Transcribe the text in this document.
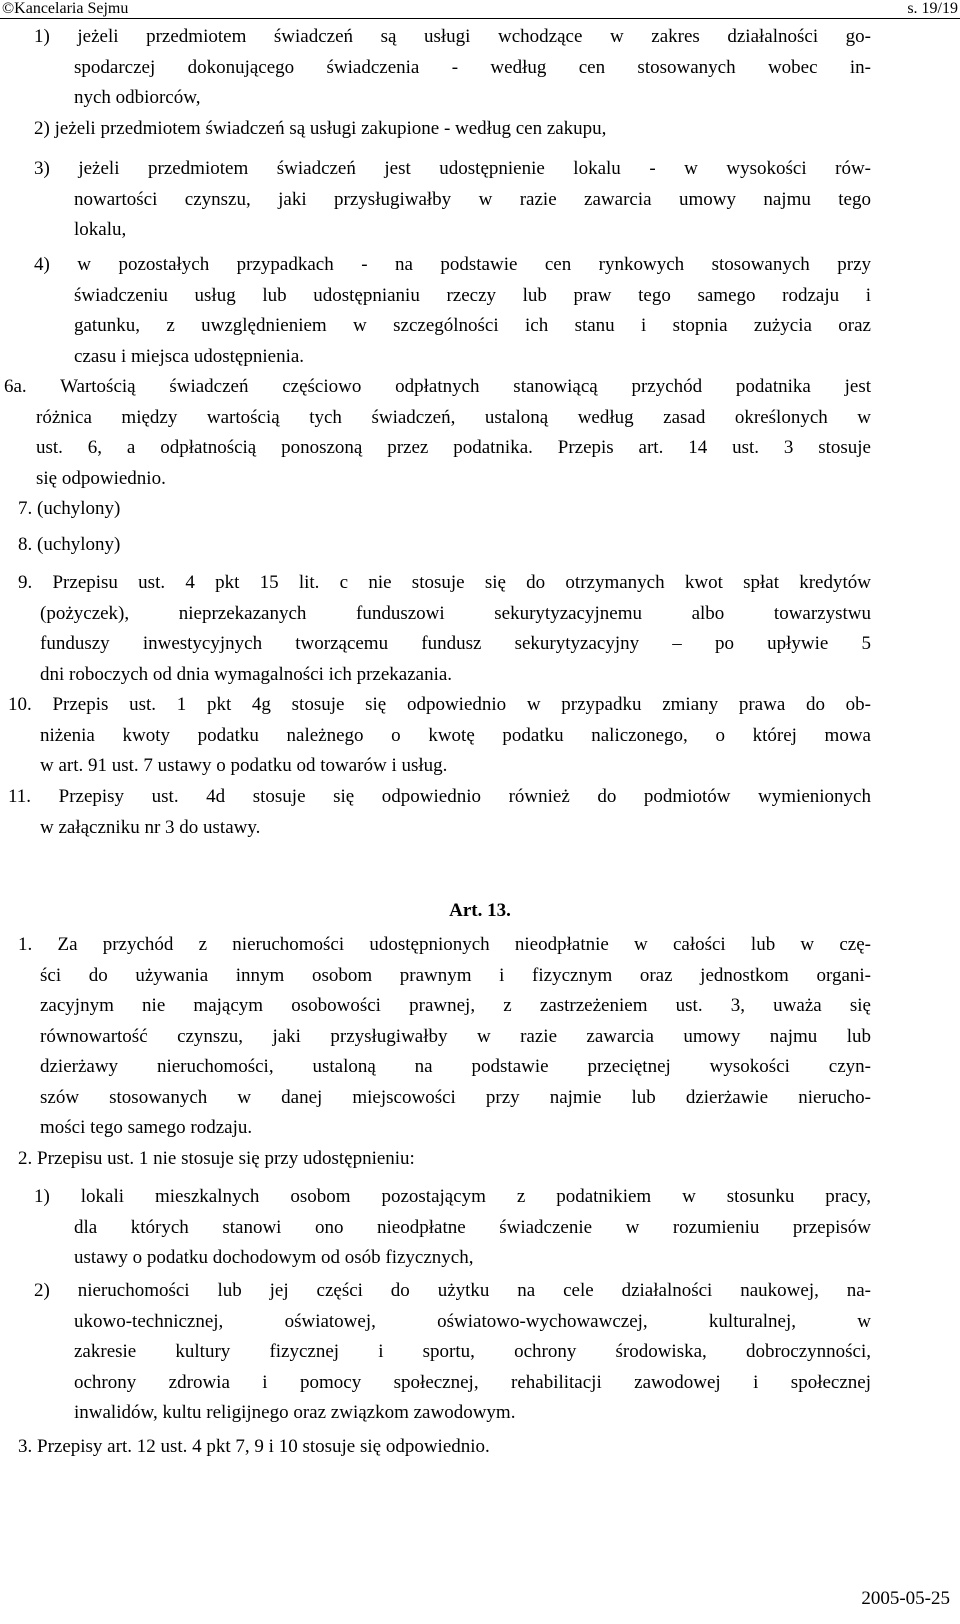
©Kancelaria Sejmu	s. 19/19
Art. 13.
1) jeżeli przedmiotem świadczeń są usługi wchodzące w zakres działalności go-
spodarczej dokonującego świadczenia - według cen stosowanych wobec in-
nych odbiorców,
2) jeżeli przedmiotem świadczeń są usługi zakupione - według cen zakupu,
3) jeżeli przedmiotem świadczeń jest udostępnienie lokalu - w wysokości rów-
nowartości czynszu, jaki przysługiwałby w razie zawarcia umowy najmu tego
lokalu,
4) w pozostałych przypadkach - na podstawie cen rynkowych stosowanych przy
świadczeniu usług lub udostępnianiu rzeczy lub praw tego samego rodzaju i
gatunku, z uwzględnieniem w szczególności ich stanu i stopnia zużycia oraz
czasu i miejsca udostępnienia.
6a. Wartością świadczeń częściowo odpłatnych stanowiącą przychód podatnika jest
różnica między wartością tych świadczeń, ustaloną według zasad określonych w
ust. 6, a odpłatnością ponoszoną przez podatnika. Przepis art. 14 ust. 3 stosuje
się odpowiednio.
7. (uchylony)
8. (uchylony)
9. Przepisu ust. 4 pkt 15 lit. c nie stosuje się do otrzymanych kwot spłat kredytów
(pożyczek), nieprzekazanych funduszowi sekurytyzacyjnemu albo towarzystwu
funduszy inwestycyjnych tworzącemu fundusz sekurytyzacyjny – po upływie 5
dni roboczych od dnia wymagalności ich przekazania.
10. Przepis ust. 1 pkt 4g stosuje się odpowiednio w przypadku zmiany prawa do ob-
niżenia kwoty podatku należnego o kwotę podatku naliczonego, o której mowa
w art. 91 ust. 7 ustawy o podatku od towarów i usług.
11. Przepisy ust. 4d stosuje się odpowiednio również do podmiotów wymienionych
w załączniku nr 3 do ustawy.
1. Za przychód z nieruchomości udostępnionych nieodpłatnie w całości lub w czę-
ści do używania innym osobom prawnym i fizycznym oraz jednostkom organi-
zacyjnym nie mającym osobowości prawnej, z zastrzeżeniem ust. 3, uważa się
równowartość czynszu, jaki przysługiwałby w razie zawarcia umowy najmu lub
dzierżawy nieruchomości, ustaloną na podstawie przeciętnej wysokości czyn-
szów stosowanych w danej miejscowości przy najmie lub dzierżawie nierucho-
mości tego samego rodzaju.
2. Przepisu ust. 1 nie stosuje się przy udostępnieniu:
1) lokali mieszkalnych osobom pozostającym z podatnikiem w stosunku pracy,
dla których stanowi ono nieodpłatne świadczenie w rozumieniu przepisów
ustawy o podatku dochodowym od osób fizycznych,
2) nieruchomości lub jej części do użytku na cele działalności naukowej, na-
ukowo-technicznej, oświatowej, oświatowo-wychowawczej, kulturalnej, w
zakresie kultury fizycznej i sportu, ochrony środowiska, dobroczynności,
ochrony zdrowia i pomocy społecznej, rehabilitacji zawodowej i społecznej
inwalidów, kultu religijnego oraz związkom zawodowym.
3. Przepisy art. 12 ust. 4 pkt 7, 9 i 10 stosuje się odpowiednio.
2005-05-25
